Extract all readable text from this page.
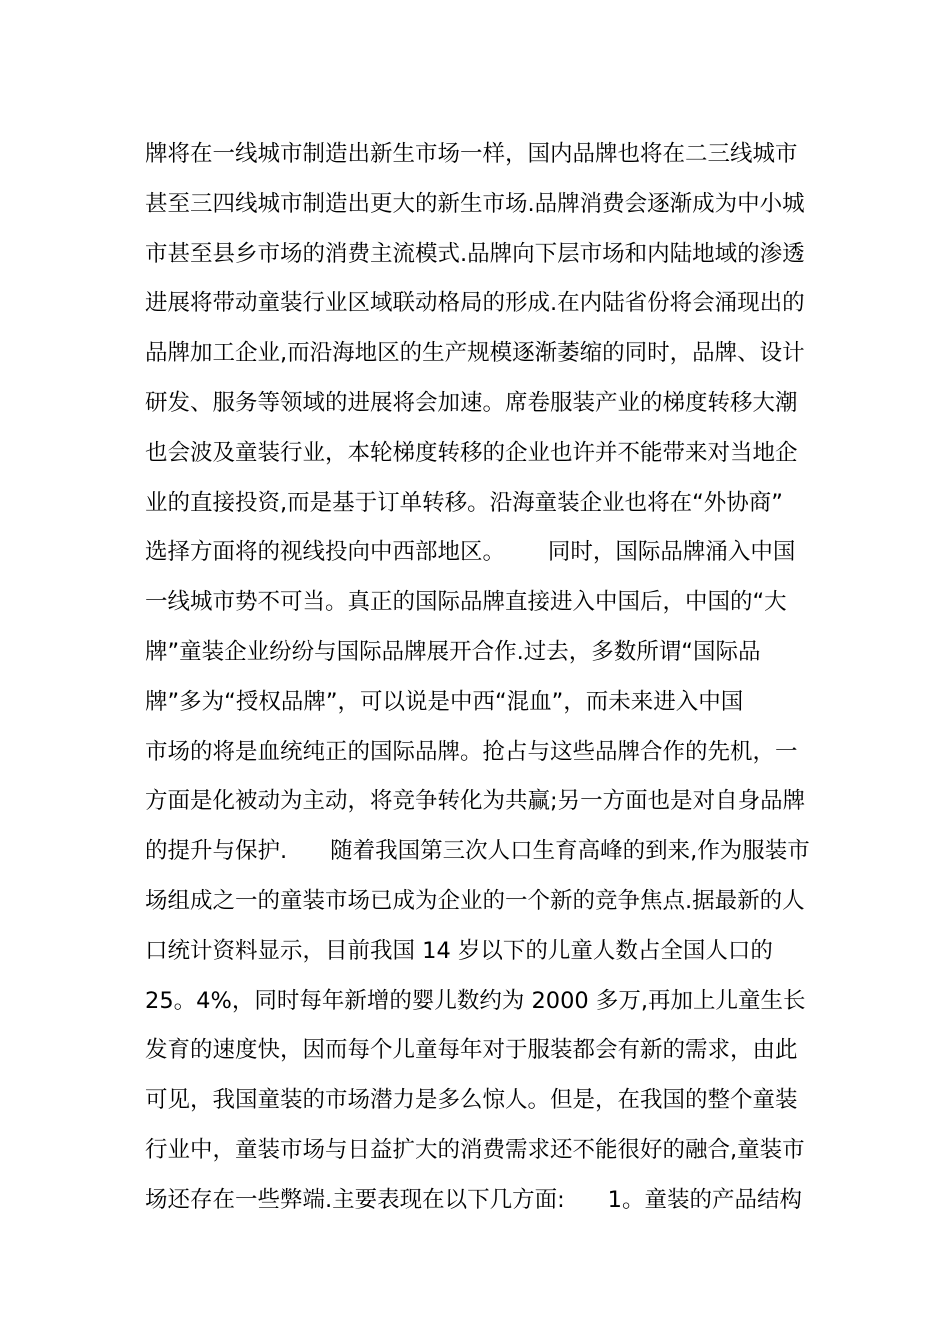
牌将在一线城市制造出新生市场一样，国内品牌也将在二三线城市
甚至三四线城市制造出更大的新生市场.品牌消费会逐渐成为中小城
市甚至县乡市场的消费主流模式.品牌向下层市场和内陆地域的渗透
进展将带动童装行业区域联动格局的形成.在内陆省份将会涌现出的
品牌加工企业,而沿海地区的生产规模逐渐萎缩的同时，品牌、设计
研发、服务等领域的进展将会加速。席卷服装产业的梯度转移大潮
也会波及童装行业，本轮梯度转移的企业也许并不能带来对当地企
业的直接投资,而是基于订单转移。沿海童装企业也将在“外协商”
选择方面将的视线投向中西部地区。      同时，国际品牌涌入中国
一线城市势不可当。真正的国际品牌直接进入中国后，中国的“大
牌”童装企业纷纷与国际品牌展开合作.过去，多数所谓“国际品
牌”多为“授权品牌”，可以说是中西“混血”，而未来进入中国
市场的将是血统纯正的国际品牌。抢占与这些品牌合作的先机，一
方面是化被动为主动，将竞争转化为共赢;另一方面也是对自身品牌
的提升与保护.      随着我国第三次人口生育高峰的到来,作为服装市
场组成之一的童装市场已成为企业的一个新的竞争焦点.据最新的人
口统计资料显示，目前我国 14 岁以下的儿童人数占全国人口的
25。4%，同时每年新增的婴儿数约为 2000 多万,再加上儿童生长
发育的速度快，因而每个儿童每年对于服装都会有新的需求，由此
可见，我国童装的市场潜力是多么惊人。但是，在我国的整个童装
行业中，童装市场与日益扩大的消费需求还不能很好的融合,童装市
场还存在一些弊端.主要表现在以下几方面:      1。童装的产品结构
